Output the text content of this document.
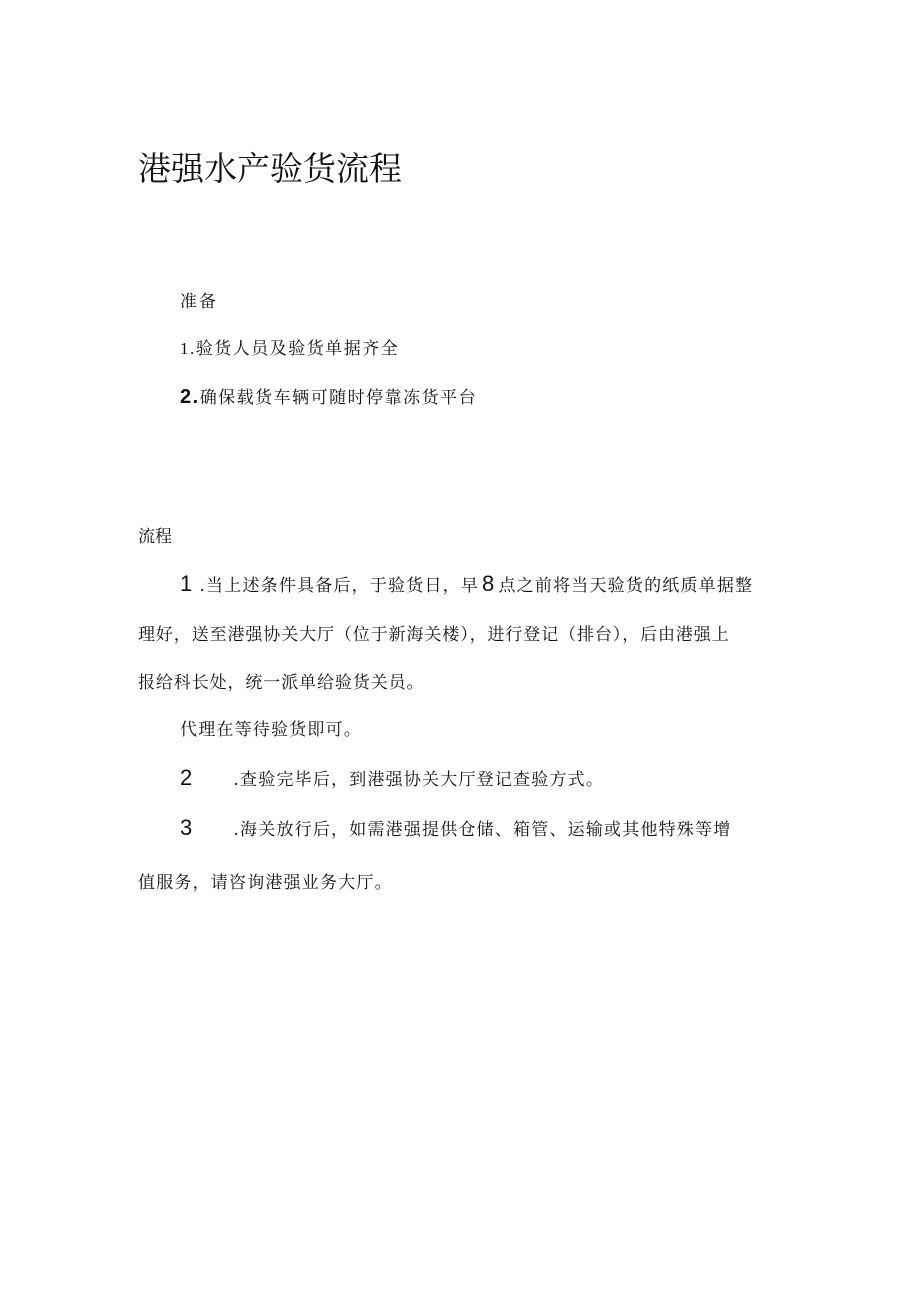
港强水产验货流程

准备

1.验货人员及验货单据齐全

2.确保载货车辆可随时停靠冻货平台

流程

1 .当上述条件具备后，于验货日，早 8 点之前将当天验货的纸质单据整

理好，送至港强协关大厅（位于新海关楼），进行登记（排台），后由港强上

报给科长处，统一派单给验货关员。

代理在等待验货即可。

2 .查验完毕后，到港强协关大厅登记查验方式。

3 .海关放行后，如需港强提供仓储、箱管、运输或其他特殊等增

值服务，请咨询港强业务大厅。
